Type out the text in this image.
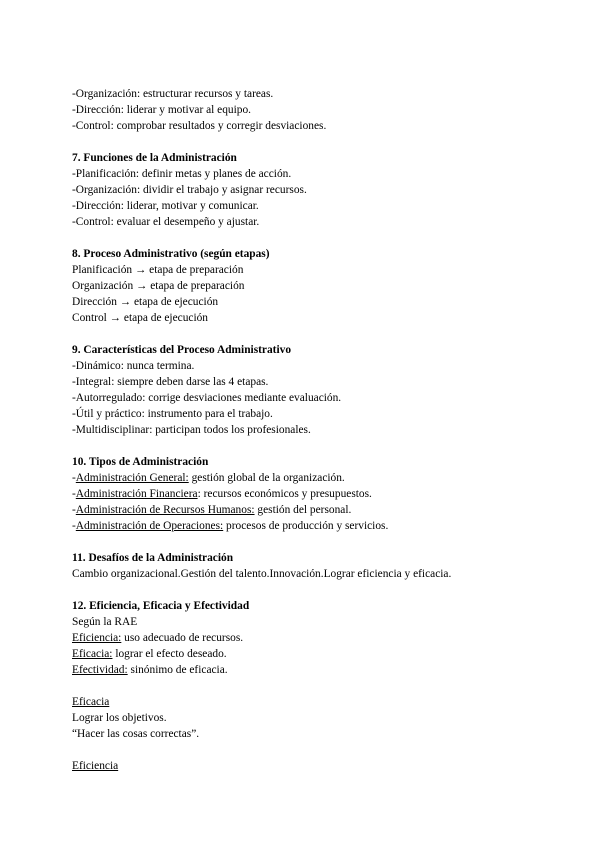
-Organización: estructurar recursos y tareas.
-Dirección: liderar y motivar al equipo.
-Control: comprobar resultados y corregir desviaciones.
7. Funciones de la Administración
-Planificación: definir metas y planes de acción.
-Organización: dividir el trabajo y asignar recursos.
-Dirección: liderar, motivar y comunicar.
-Control: evaluar el desempeño y ajustar.
8. Proceso Administrativo (según etapas)
Planificación → etapa de preparación
Organización → etapa de preparación
Dirección → etapa de ejecución
Control → etapa de ejecución
9. Características del Proceso Administrativo
-Dinámico: nunca termina.
-Integral: siempre deben darse las 4 etapas.
-Autorregulado: corrige desviaciones mediante evaluación.
-Útil y práctico: instrumento para el trabajo.
-Multidisciplinar: participan todos los profesionales.
10. Tipos de Administración
-Administración General: gestión global de la organización.
-Administración Financiera: recursos económicos y presupuestos.
-Administración de Recursos Humanos: gestión del personal.
-Administración de Operaciones: procesos de producción y servicios.
11. Desafíos de la Administración
Cambio organizacional.Gestión del talento.Innovación.Lograr eficiencia y eficacia.
12. Eficiencia, Eficacia y Efectividad
Según la RAE
Eficiencia: uso adecuado de recursos.
Eficacia: lograr el efecto deseado.
Efectividad: sinónimo de eficacia.
Eficacia
Lograr los objetivos.
“Hacer las cosas correctas”.
Eficiencia
